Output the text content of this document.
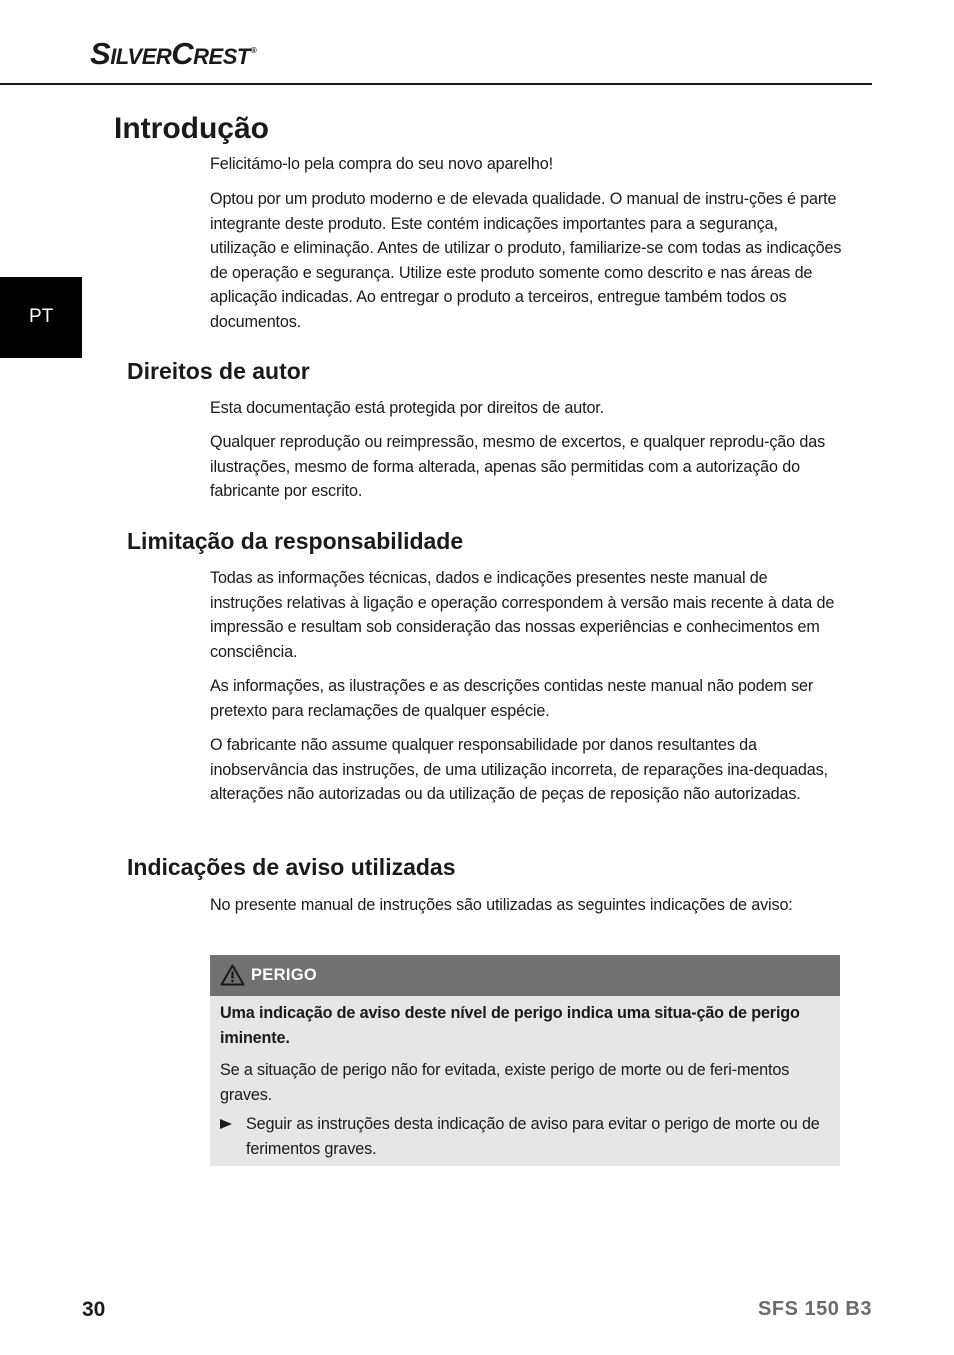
SILVERCREST®
PT
Introdução

Felicitámo-lo pela compra do seu novo aparelho!

Optou por um produto moderno e de elevada qualidade. O manual de instru-ções é parte integrante deste produto. Este contém indicações importantes para a segurança, utilização e eliminação. Antes de utilizar o produto, familiarize-se com todas as indicações de operação e segurança. Utilize este produto somente como descrito e nas áreas de aplicação indicadas. Ao entregar o produto a terceiros, entregue também todos os documentos.

Direitos de autor

Esta documentação está protegida por direitos de autor.

Qualquer reprodução ou reimpressão, mesmo de excertos, e qualquer reprodu-ção das ilustrações, mesmo de forma alterada, apenas são permitidas com a autorização do fabricante por escrito.

Limitação da responsabilidade

Todas as informações técnicas, dados e indicações presentes neste manual de instruções relativas à ligação e operação correspondem à versão mais recente à data de impressão e resultam sob consideração das nossas experiências e conhecimentos em consciência.

As informações, as ilustrações e as descrições contidas neste manual não podem ser pretexto para reclamações de qualquer espécie.

O fabricante não assume qualquer responsabilidade por danos resultantes da inobservância das instruções, de uma utilização incorreta, de reparações ina-dequadas, alterações não autorizadas ou da utilização de peças de reposição não autorizadas.

Indicações de aviso utilizadas

No presente manual de instruções são utilizadas as seguintes indicações de aviso:

PERIGO

Uma indicação de aviso deste nível de perigo indica uma situa-ção de perigo iminente.

Se a situação de perigo não for evitada, existe perigo de morte ou de feri-mentos graves.

Seguir as instruções desta indicação de aviso para evitar o perigo de morte ou de ferimentos graves.

30	SFS 150 B3
